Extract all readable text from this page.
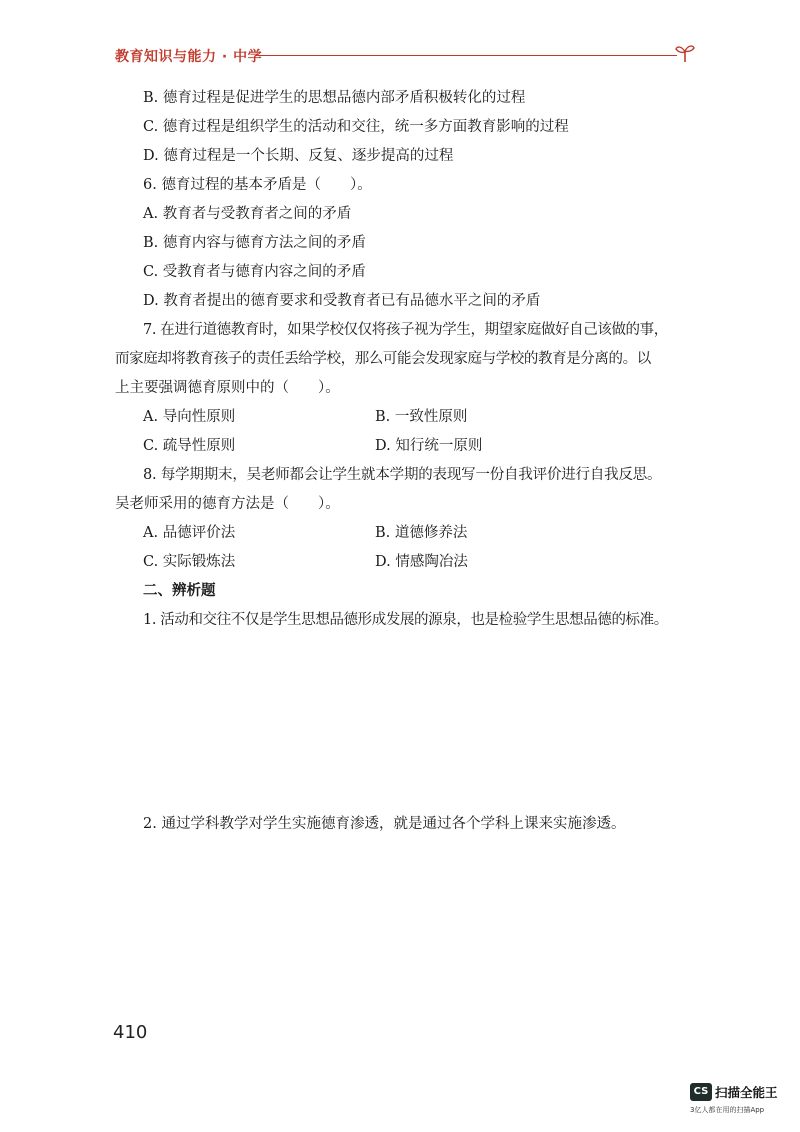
教育知识与能力 · 中学
B. 德育过程是促进学生的思想品德内部矛盾积极转化的过程
C. 德育过程是组织学生的活动和交往，统一多方面教育影响的过程
D. 德育过程是一个长期、反复、逐步提高的过程
6. 德育过程的基本矛盾是（　　）。
A. 教育者与受教育者之间的矛盾
B. 德育内容与德育方法之间的矛盾
C. 受教育者与德育内容之间的矛盾
D. 教育者提出的德育要求和受教育者已有品德水平之间的矛盾
7. 在进行道德教育时，如果学校仅仅将孩子视为学生，期望家庭做好自己该做的事，
而家庭却将教育孩子的责任丢给学校，那么可能会发现家庭与学校的教育是分离的。以
上主要强调德育原则中的（　　）。
A. 导向性原则	B. 一致性原则
C. 疏导性原则	D. 知行统一原则
8. 每学期期末，吴老师都会让学生就本学期的表现写一份自我评价进行自我反思。
吴老师采用的德育方法是（　　）。
A. 品德评价法	B. 道德修养法
C. 实际锻炼法	D. 情感陶冶法
二、辨析题
1. 活动和交往不仅是学生思想品德形成发展的源泉，也是检验学生思想品德的标准。
2. 通过学科教学对学生实施德育渗透，就是通过各个学科上课来实施渗透。
410
CS 扫描全能王
3亿人都在用的扫描App
